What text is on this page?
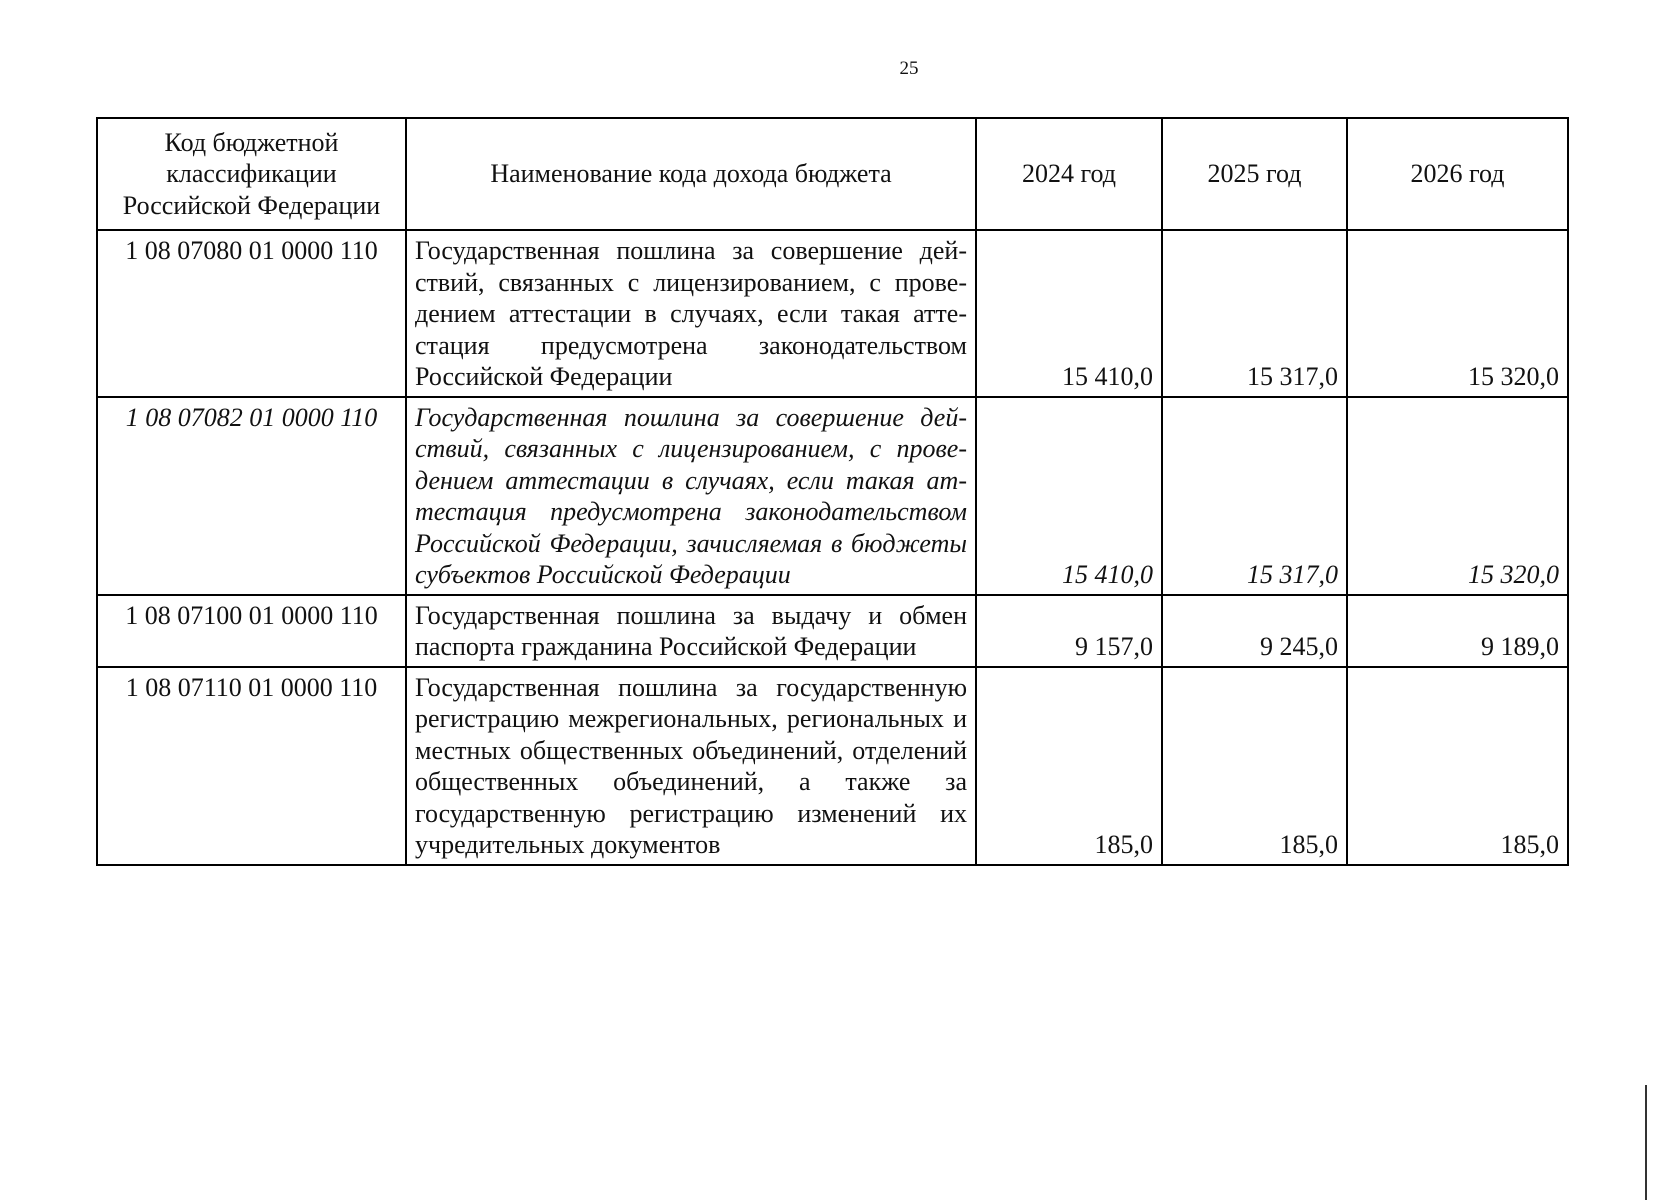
25
Код бюджетной классификации Российской Федерации	Наименование кода дохода бюджета	2024 год	2025 год	2026 год
1 08 07080 01 0000 110	Государственная пошлина за совершение действий, связанных с лицензированием, с проведением аттестации в случаях, если такая аттестация предусмотрена законодательством Российской Федерации	15 410,0	15 317,0	15 320,0
1 08 07082 01 0000 110	Государственная пошлина за совершение действий, связанных с лицензированием, с проведением аттестации в случаях, если такая аттестация предусмотрена законодательством Российской Федерации, зачисляемая в бюджеты субъектов Российской Федерации	15 410,0	15 317,0	15 320,0
1 08 07100 01 0000 110	Государственная пошлина за выдачу и обмен паспорта гражданина Российской Федерации	9 157,0	9 245,0	9 189,0
1 08 07110 01 0000 110	Государственная пошлина за государственную регистрацию межрегиональных, региональных и местных общественных объединений, отделений общественных объединений, а также за государственную регистрацию изменений их учредительных документов	185,0	185,0	185,0
